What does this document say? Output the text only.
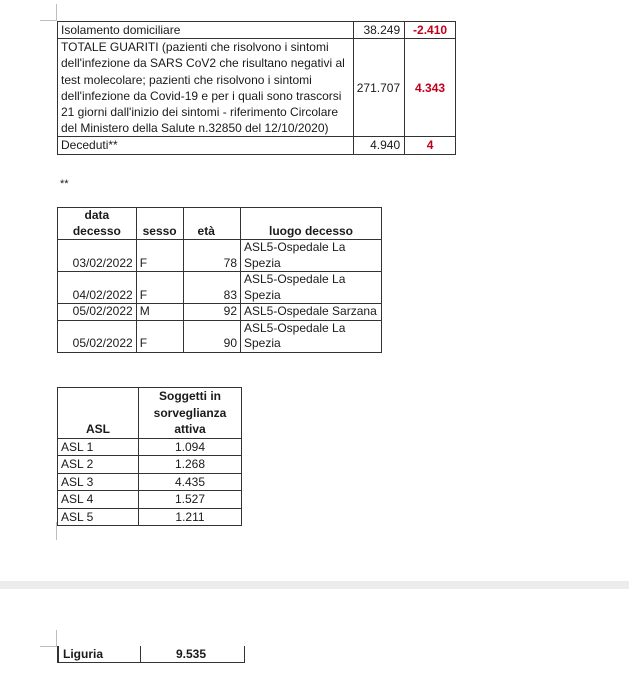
Isolamento domiciliare	38.249	-2.410
TOTALE GUARITI (pazienti che risolvono i sintomi dell'infezione da SARS CoV2 che risultano negativi al test molecolare; pazienti che risolvono i sintomi dell'infezione da Covid-19 e per i quali sono trascorsi 21 giorni dall'inizio dei sintomi - riferimento Circolare del Ministero della Salute n.32850 del 12/10/2020)	271.707	4.343
Deceduti**	4.940	4
**
data decesso	sesso	età	luogo decesso
03/02/2022	F	78	ASL5-Ospedale La Spezia
04/02/2022	F	83	ASL5-Ospedale La Spezia
05/02/2022	M	92	ASL5-Ospedale Sarzana
05/02/2022	F	90	ASL5-Ospedale La Spezia
ASL	Soggetti in sorveglianza attiva
ASL 1	1.094
ASL 2	1.268
ASL 3	4.435
ASL 4	1.527
ASL 5	1.211
Liguria	9.535
